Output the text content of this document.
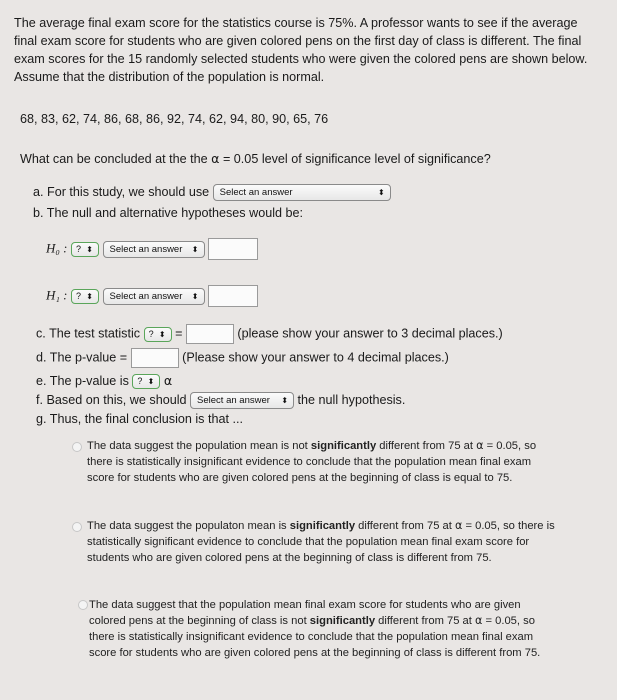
The average final exam score for the statistics course is 75%. A professor wants to see if the average final exam score for students who are given colored pens on the first day of class is different. The final exam scores for the 15 randomly selected students who were given the colored pens are shown below. Assume that the distribution of the population is normal.
68, 83, 62, 74, 86, 68, 86, 92, 74, 62, 94, 80, 90, 65, 76
What can be concluded at the the α = 0.05 level of significance level of significance?
a. For this study, we should use Select an answer	⬍
b. The null and alternative hypotheses would be:
H₀ : ? ⬍ Select an answer ⬍

H₁ : ? ⬍ Select an answer ⬍

c. The test statistic ? ⬍ =	(please show your answer to 3 decimal places.)
d. The p-value =	(Please show your answer to 4 decimal places.)
e. The p-value is ? ⬍ α
f. Based on this, we should Select an answer ⬍ the null hypothesis.
g. Thus, the final conclusion is that ...
The data suggest the population mean is not significantly different from 75 at α = 0.05, so there is statistically insignificant evidence to conclude that the population mean final exam score for students who are given colored pens at the beginning of class is equal to 75.
The data suggest the populaton mean is significantly different from 75 at α = 0.05, so there is statistically significant evidence to conclude that the population mean final exam score for students who are given colored pens at the beginning of class is different from 75.
The data suggest that the population mean final exam score for students who are given colored pens at the beginning of class is not significantly different from 75 at α = 0.05, so there is statistically insignificant evidence to conclude that the population mean final exam score for students who are given colored pens at the beginning of class is different from 75.
